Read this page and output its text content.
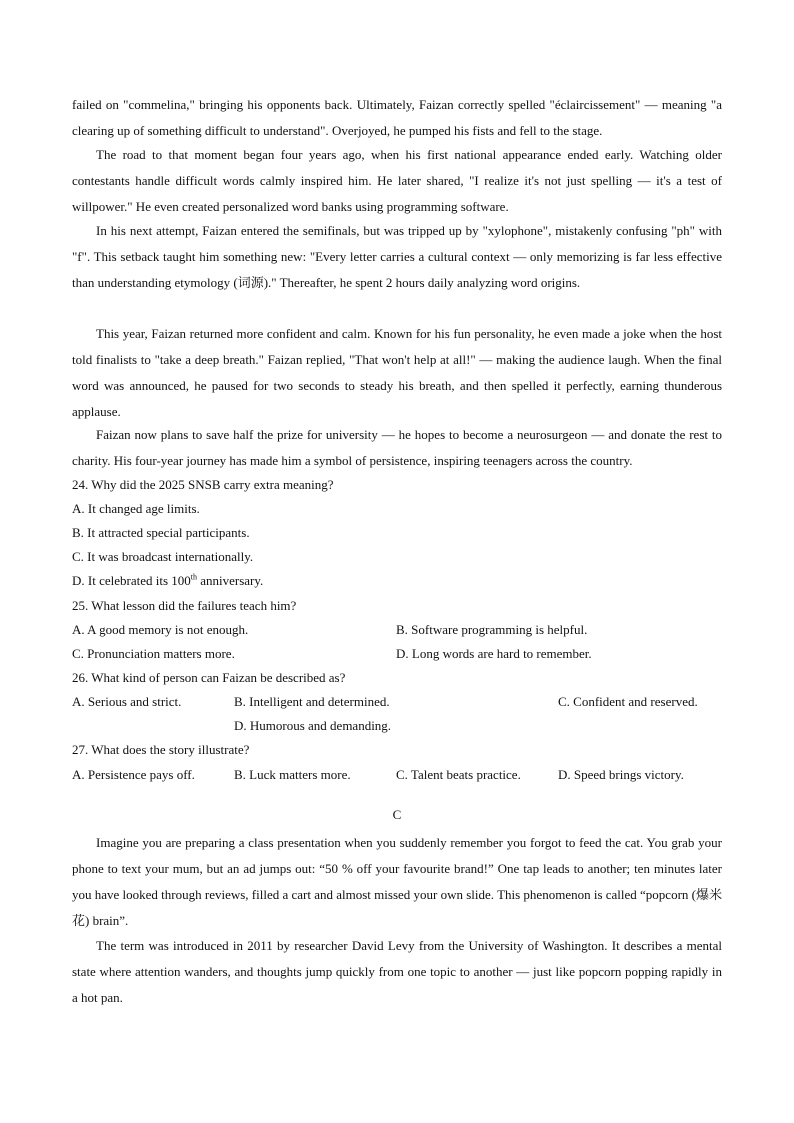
failed on "commelina," bringing his opponents back. Ultimately, Faizan correctly spelled "éclaircissement" — meaning "a clearing up of something difficult to understand". Overjoyed, he pumped his fists and fell to the stage.
The road to that moment began four years ago, when his first national appearance ended early. Watching older contestants handle difficult words calmly inspired him. He later shared, "I realize it's not just spelling — it's a test of willpower." He even created personalized word banks using programming software.
In his next attempt, Faizan entered the semifinals, but was tripped up by "xylophone", mistakenly confusing "ph" with "f". This setback taught him something new: "Every letter carries a cultural context — only memorizing is far less effective than understanding etymology (词源)." Thereafter, he spent 2 hours daily analyzing word origins.
This year, Faizan returned more confident and calm. Known for his fun personality, he even made a joke when the host told finalists to "take a deep breath." Faizan replied, "That won't help at all!" — making the audience laugh. When the final word was announced, he paused for two seconds to steady his breath, and then spelled it perfectly, earning thunderous applause.
Faizan now plans to save half the prize for university — he hopes to become a neurosurgeon — and donate the rest to charity. His four-year journey has made him a symbol of persistence, inspiring teenagers across the country.
24. Why did the 2025 SNSB carry extra meaning?
A. It changed age limits.
B. It attracted special participants.
C. It was broadcast internationally.
D. It celebrated its 100th anniversary.
25. What lesson did the failures teach him?
A. A good memory is not enough.	B. Software programming is helpful.
C. Pronunciation matters more.	D. Long words are hard to remember.
26. What kind of person can Faizan be described as?
A. Serious and strict.	B. Intelligent and determined.	C. Confident and reserved.
D. Humorous and demanding.
27. What does the story illustrate?
A. Persistence pays off.	B. Luck matters more.	C. Talent beats practice.	D. Speed brings victory.
C
Imagine you are preparing a class presentation when you suddenly remember you forgot to feed the cat. You grab your phone to text your mum, but an ad jumps out: “50 % off your favourite brand!” One tap leads to another; ten minutes later you have looked through reviews, filled a cart and almost missed your own slide. This phenomenon is called “popcorn (爆米花) brain”.
The term was introduced in 2011 by researcher David Levy from the University of Washington. It describes a mental state where attention wanders, and thoughts jump quickly from one topic to another — just like popcorn popping rapidly in a hot pan.
